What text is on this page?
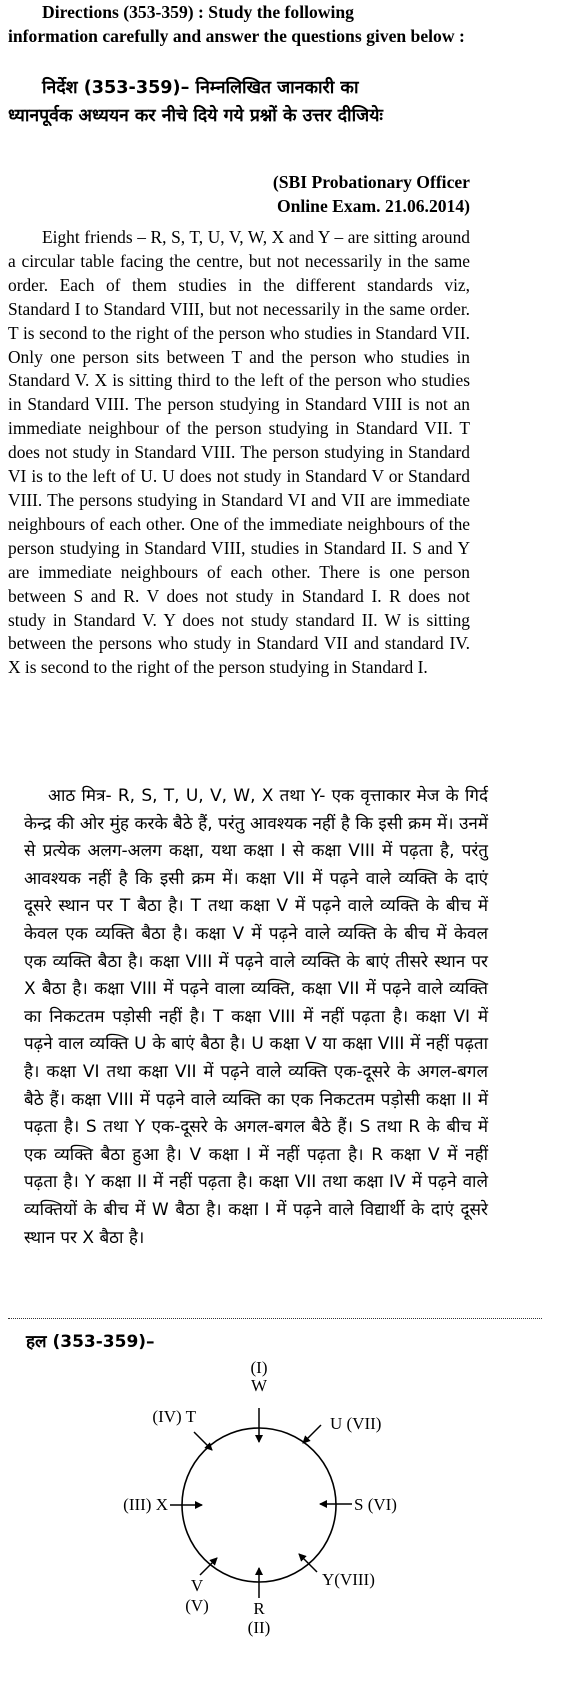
Directions (353-359) : Study the following
information carefully and answer the questions given below :
निर्देश (353-359)– निम्नलिखित जानकारी का
ध्यानपूर्वक अध्ययन कर नीचे दिये गये प्रश्नों के उत्तर दीजियेः
(SBI Probationary Officer
Online Exam. 21.06.2014)

Eight friends – R, S, T, U, V, W, X and Y – are sitting around a circular table facing the centre, but not necessarily in the same order. Each of them studies in the different standards viz, Standard I to Standard VIII, but not necessarily in the same order. T is second to the right of the person who studies in Standard VII. Only one person sits between T and the person who studies in Standard V. X is sitting third to the left of the person who studies in Standard VIII. The person studying in Standard VIII is not an immediate neighbour of the person studying in Standard VII. T does not study in Standard VIII. The person studying in Standard VI is to the left of U. U does not study in Standard V or Standard VIII. The persons studying in Standard VI and VII are immediate neighbours of each other. One of the immediate neighbours of the person studying in Standard VIII, studies in Standard II. S and Y are immediate neighbours of each other. There is one person between S and R. V does not study in Standard I. R does not study in Standard V. Y does not study standard II. W is sitting between the persons who study in Standard VII and standard IV. X is second to the right of the person studying in Standard I.

आठ मित्र- R, S, T, U, V, W, X तथा Y- एक वृत्ताकार मेज के गिर्द केन्द्र की ओर मुंह करके बैठे हैं, परंतु आवश्यक नहीं है कि इसी क्रम में। उनमें से प्रत्येक अलग-अलग कक्षा, यथा कक्षा I से कक्षा VIII में पढ़ता है, परंतु आवश्यक नहीं है कि इसी क्रम में। कक्षा VII में पढ़ने वाले व्यक्ति के दाएं दूसरे स्थान पर T बैठा है। T तथा कक्षा V में पढ़ने वाले व्यक्ति के बीच में केवल एक व्यक्ति बैठा है। कक्षा V में पढ़ने वाले व्यक्ति के बीच में केवल एक व्यक्ति बैठा है। कक्षा VIII में पढ़ने वाले व्यक्ति के बाएं तीसरे स्थान पर X बैठा है। कक्षा VIII में पढ़ने वाला व्यक्ति, कक्षा VII में पढ़ने वाले व्यक्ति का निकटतम पड़ोसी नहीं है। T कक्षा VIII में नहीं पढ़ता है। कक्षा VI में पढ़ने वाल व्यक्ति U के बाएं बैठा है। U कक्षा V या कक्षा VIII में नहीं पढ़ता है। कक्षा VI तथा कक्षा VII में पढ़ने वाले व्यक्ति एक-दूसरे के अगल-बगल बैठे हैं। कक्षा VIII में पढ़ने वाले व्यक्ति का एक निकटतम पड़ोसी कक्षा II में पढ़ता है। S तथा Y एक-दूसरे के अगल-बगल बैठे हैं। S तथा R के बीच में एक व्यक्ति बैठा हुआ है। V कक्षा I में नहीं पढ़ता है। R कक्षा V में नहीं पढ़ता है। Y कक्षा II में नहीं पढ़ता है। कक्षा VII तथा कक्षा IV में पढ़ने वाले व्यक्तियों के बीच में W बैठा है। कक्षा I में पढ़ने वाले विद्यार्थी के दाएं दूसरे स्थान पर X बैठा है।

हल (353-359)–
(I)
W
U (VII)
S (VI)
Y(VIII)
R
(II)
V
(V)
(III) X
(IV) T
